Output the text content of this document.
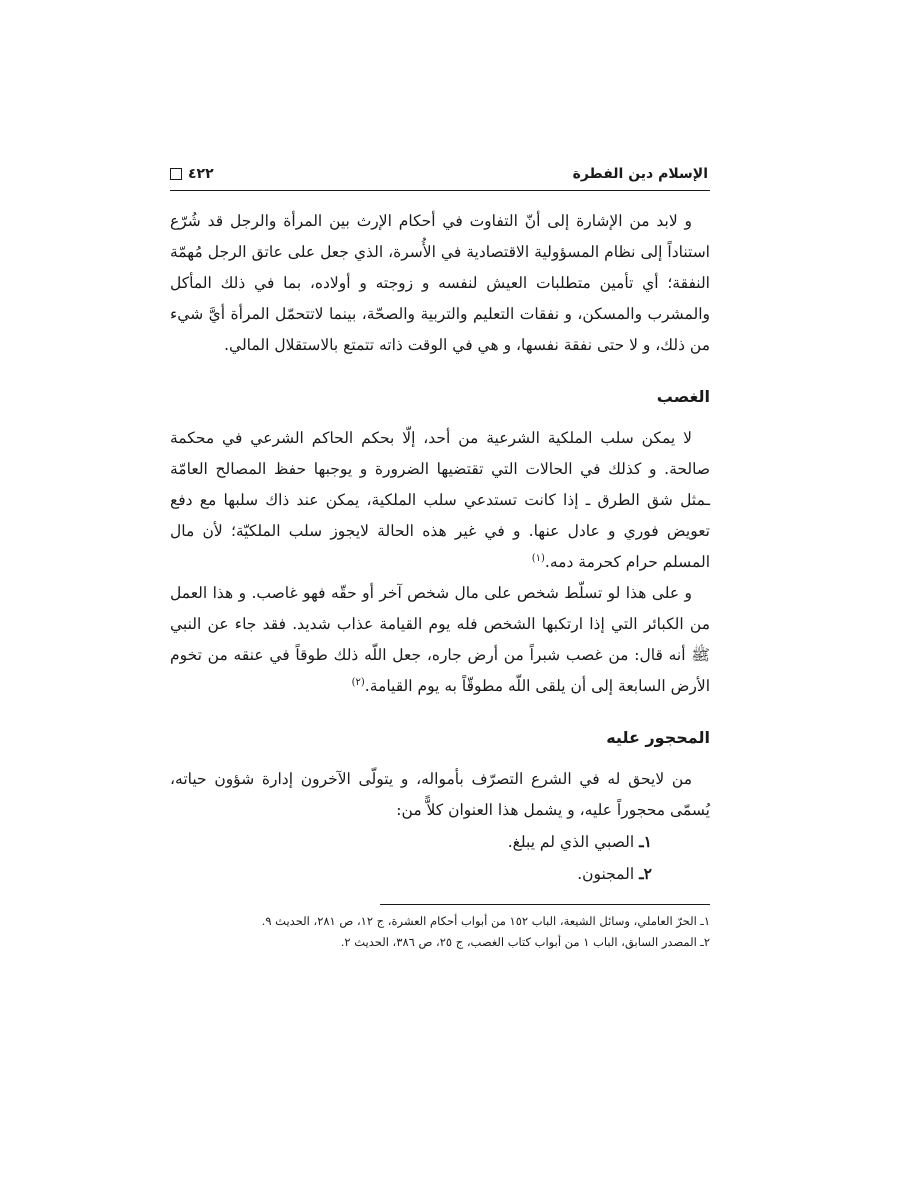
الإسلام دين الفطرة
٤٢٢

و لابد من الإشارة إلى أنّ التفاوت في أحكام الإرث بين المرأة والرجل قد شُرّع استناداً إلى نظام المسؤولية الاقتصادية في الأُسرة، الذي جعل على عاتق الرجل مُهمّة النفقة؛ أي تأمين متطلبات العيش لنفسه و زوجته و أولاده، بما في ذلك المأكل والمشرب والمسكن، و نفقات التعليم والتربية والصحّة، بينما لاتتحمّل المرأة أيَّ شيء من ذلك، و لا حتى نفقة نفسها، و هي في الوقت ذاته تتمتع بالاستقلال المالي.

الغصب

لا يمكن سلب الملكية الشرعية من أحد، إلّا بحكم الحاكم الشرعي في محكمة صالحة. و كذلك في الحالات التي تقتضيها الضرورة و يوجبها حفظ المصالح العامّة ـمثل شق الطرق ـ إذا كانت تستدعي سلب الملكية، يمكن عند ذاك سلبها مع دفع تعويض فوري و عادل عنها. و في غير هذه الحالة لايجوز سلب الملكيّة؛ لأن مال المسلم حرام كحرمة دمه.$^{(١)}$

و على هذا لو تسلّط شخص على مال شخص آخر أو حقّه فهو غاصب. و هذا العمل من الكبائر التي إذا ارتكبها الشخص فله يوم القيامة عذاب شديد. فقد جاء عن النبي ﷺ أنه قال: من غصب شبراً من أرض جاره، جعل اللّه ذلك طوقاً في عنقه من تخوم الأرض السابعة إلى أن يلقى اللّه مطوقّاً به يوم القيامة.$^{(٢)}$

المحجور عليه

من لايحق له في الشرع التصرّف بأمواله، و يتولّى الآخرون إدارة شؤون حياته، يُسمّى محجوراً عليه، و يشمل هذا العنوان كلاًّ من:

١ـ الصبي الذي لم يبلغ.
٢ـ المجنون.
١ـ الحرّ العاملي، وسائل الشيعة، الباب ١٥٢ من أبواب أحكام العشرة، ج ١٢، ص ٢٨١، الحديث ٩.
٢ـ المصدر السابق، الباب ١ من أبواب كتاب الغصب، ج ٢٥، ص ٣٨٦، الحديث ٢.
